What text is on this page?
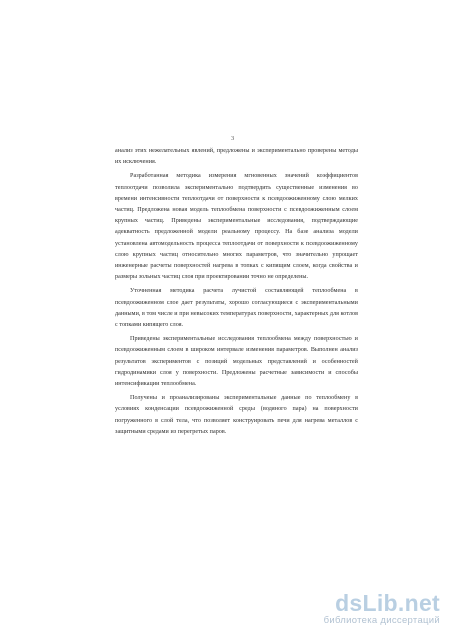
3

анализ этих нежелательных явлений, предложены и экспериментально проверены методы их исключения.

Разработанная методика измерения мгновенных значений коэффициентов теплоотдачи позволила экспериментально подтвердить существенные изменения во времени интенсивности теплоотдачи от поверхности к псевдоожиженному слою мелких частиц. Предложена новая модель теплообмена поверхности с псевдоожиженным слоем крупных частиц. Приведены экспериментальные исследования, подтверждающие адекватность предложенной модели реальному процессу. На базе анализа модели установлена автомодельность процесса теплоотдачи от поверхности к псевдоожиженному слою крупных частиц относительно многих параметров, что значительно упрощает инженерные расчеты поверхностей нагрева в топках с кипящим слоем, когда свойства и размеры зольных частиц слоя при проектировании точно не определены.

Уточненная методика расчета лучистой составляющей теплообмена в псевдоожиженном слое дает результаты, хорошо согласующиеся с экспериментальными данными, в том числе и при невысоких температурах поверхности, характерных для котлов с топками кипящего слоя.

Приведены экспериментальные исследования теплообмена между поверхностью и псевдоожиженным слоем в широком интервале изменения параметров. Выполнен анализ результатов экспериментов с позиций модельных представлений и особенностей гидродинамики слоя у поверхности. Предложены расчетные зависимости и способы интенсификации теплообмена.

Получены и проанализированы экспериментальные данные по теплообмену в условиях конденсации псевдоожиженной среды (водяного пара) на поверхности погруженного в слой тела, что позволяет конструировать печи для нагрева металлов с защитными средами из перегретых паров.

dsLib.net
библиотека диссертаций
